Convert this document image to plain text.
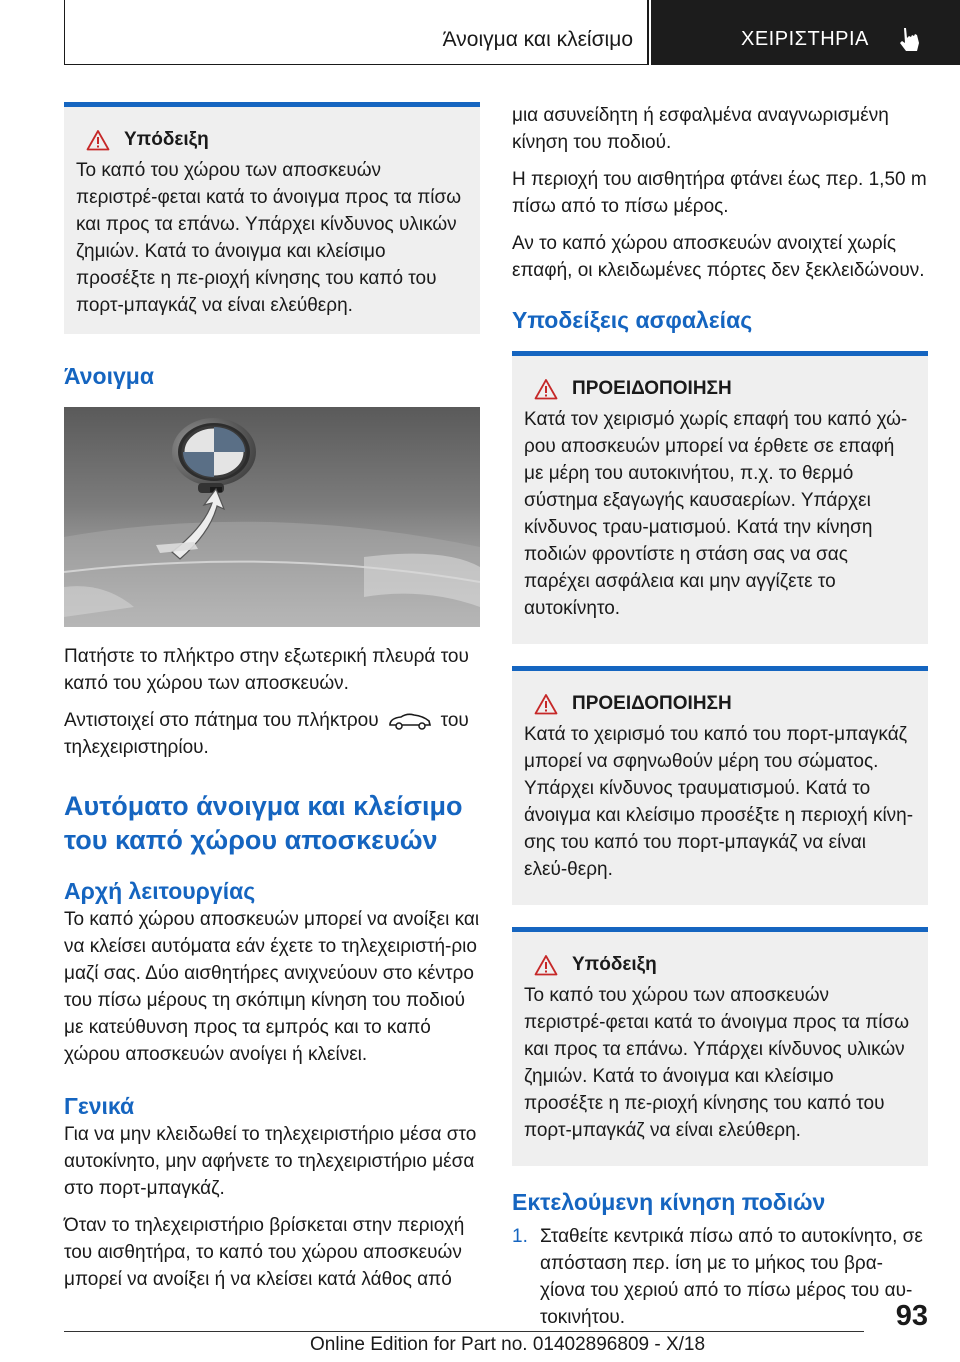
Άνοιγμα και κλείσιμο	ΧΕΙΡΙΣΤΗΡΙΑ
Υπόδειξη

Το καπό του χώρου των αποσκευών περιστρέ-φεται κατά το άνοιγμα προς τα πίσω και προς τα επάνω. Υπάρχει κίνδυνος υλικών ζημιών. Κατά το άνοιγμα και κλείσιμο προσέξτε η πε-ριοχή κίνησης του καπό του πορτ-μπαγκάζ να είναι ελεύθερη.

Άνοιγμα

Πατήστε το πλήκτρο στην εξωτερική πλευρά του καπό του χώρου των αποσκευών.

Αντιστοιχεί στο πάτημα του πλήκτρου	του τηλεχειριστηρίου.

Αυτόματο άνοιγμα και κλείσιμο του καπό χώρου αποσκευών
Αρχή λειτουργίας

Το καπό χώρου αποσκευών μπορεί να ανοίξει και να κλείσει αυτόματα εάν έχετε το τηλεχειριστή-ριο μαζί σας. Δύο αισθητήρες ανιχνεύουν στο κέντρο του πίσω μέρους τη σκόπιμη κίνηση του ποδιού με κατεύθυνση προς τα εμπρός και το καπό χώρου αποσκευών ανοίγει ή κλείνει.

Γενικά

Για να μην κλειδωθεί το τηλεχειριστήριο μέσα στο αυτοκίνητο, μην αφήνετε το τηλεχειριστήριο μέσα στο πορτ-μπαγκάζ.

Όταν το τηλεχειριστήριο βρίσκεται στην περιοχή του αισθητήρα, το καπό του χώρου αποσκευών μπορεί να ανοίξει ή να κλείσει κατά λάθος από

μια ασυνείδητη ή εσφαλμένα αναγνωρισμένη κίνηση του ποδιού.

Η περιοχή του αισθητήρα φτάνει έως περ. 1,50 m πίσω από το πίσω μέρος.

Αν το καπό χώρου αποσκευών ανοιχτεί χωρίς επαφή, οι κλειδωμένες πόρτες δεν ξεκλειδώνουν.

Υποδείξεις ασφαλείας
ΠΡΟΕΙΔΟΠΟΙΗΣΗ

Κατά τον χειρισμό χωρίς επαφή του καπό χώ-ρου αποσκευών μπορεί να έρθετε σε επαφή με μέρη του αυτοκινήτου, π.χ. το θερμό σύστημα εξαγωγής καυσαερίων. Υπάρχει κίνδυνος τραυ-ματισμού. Κατά την κίνηση ποδιών φροντίστε η στάση σας να σας παρέχει ασφάλεια και μην αγγίζετε το αυτοκίνητο.

ΠΡΟΕΙΔΟΠΟΙΗΣΗ

Κατά το χειρισμό του καπό του πορτ-μπαγκάζ μπορεί να σφηνωθούν μέρη του σώματος. Υπάρχει κίνδυνος τραυματισμού. Κατά το άνοιγμα και κλείσιμο προσέξτε η περιοχή κίνη-σης του καπό του πορτ-μπαγκάζ να είναι ελεύ-θερη.

Υπόδειξη

Το καπό του χώρου των αποσκευών περιστρέ-φεται κατά το άνοιγμα προς τα πίσω και προς τα επάνω. Υπάρχει κίνδυνος υλικών ζημιών. Κατά το άνοιγμα και κλείσιμο προσέξτε η πε-ριοχή κίνησης του καπό του πορτ-μπαγκάζ να είναι ελεύθερη.

Εκτελούμενη κίνηση ποδιών
1. Σταθείτε κεντρικά πίσω από το αυτοκίνητο, σε απόσταση περ. ίση με το μήκος του βρα-χίονα του χεριού από το πίσω μέρος του αυ-τοκινήτου.	93
Online Edition for Part no. 01402896809 - X/18
